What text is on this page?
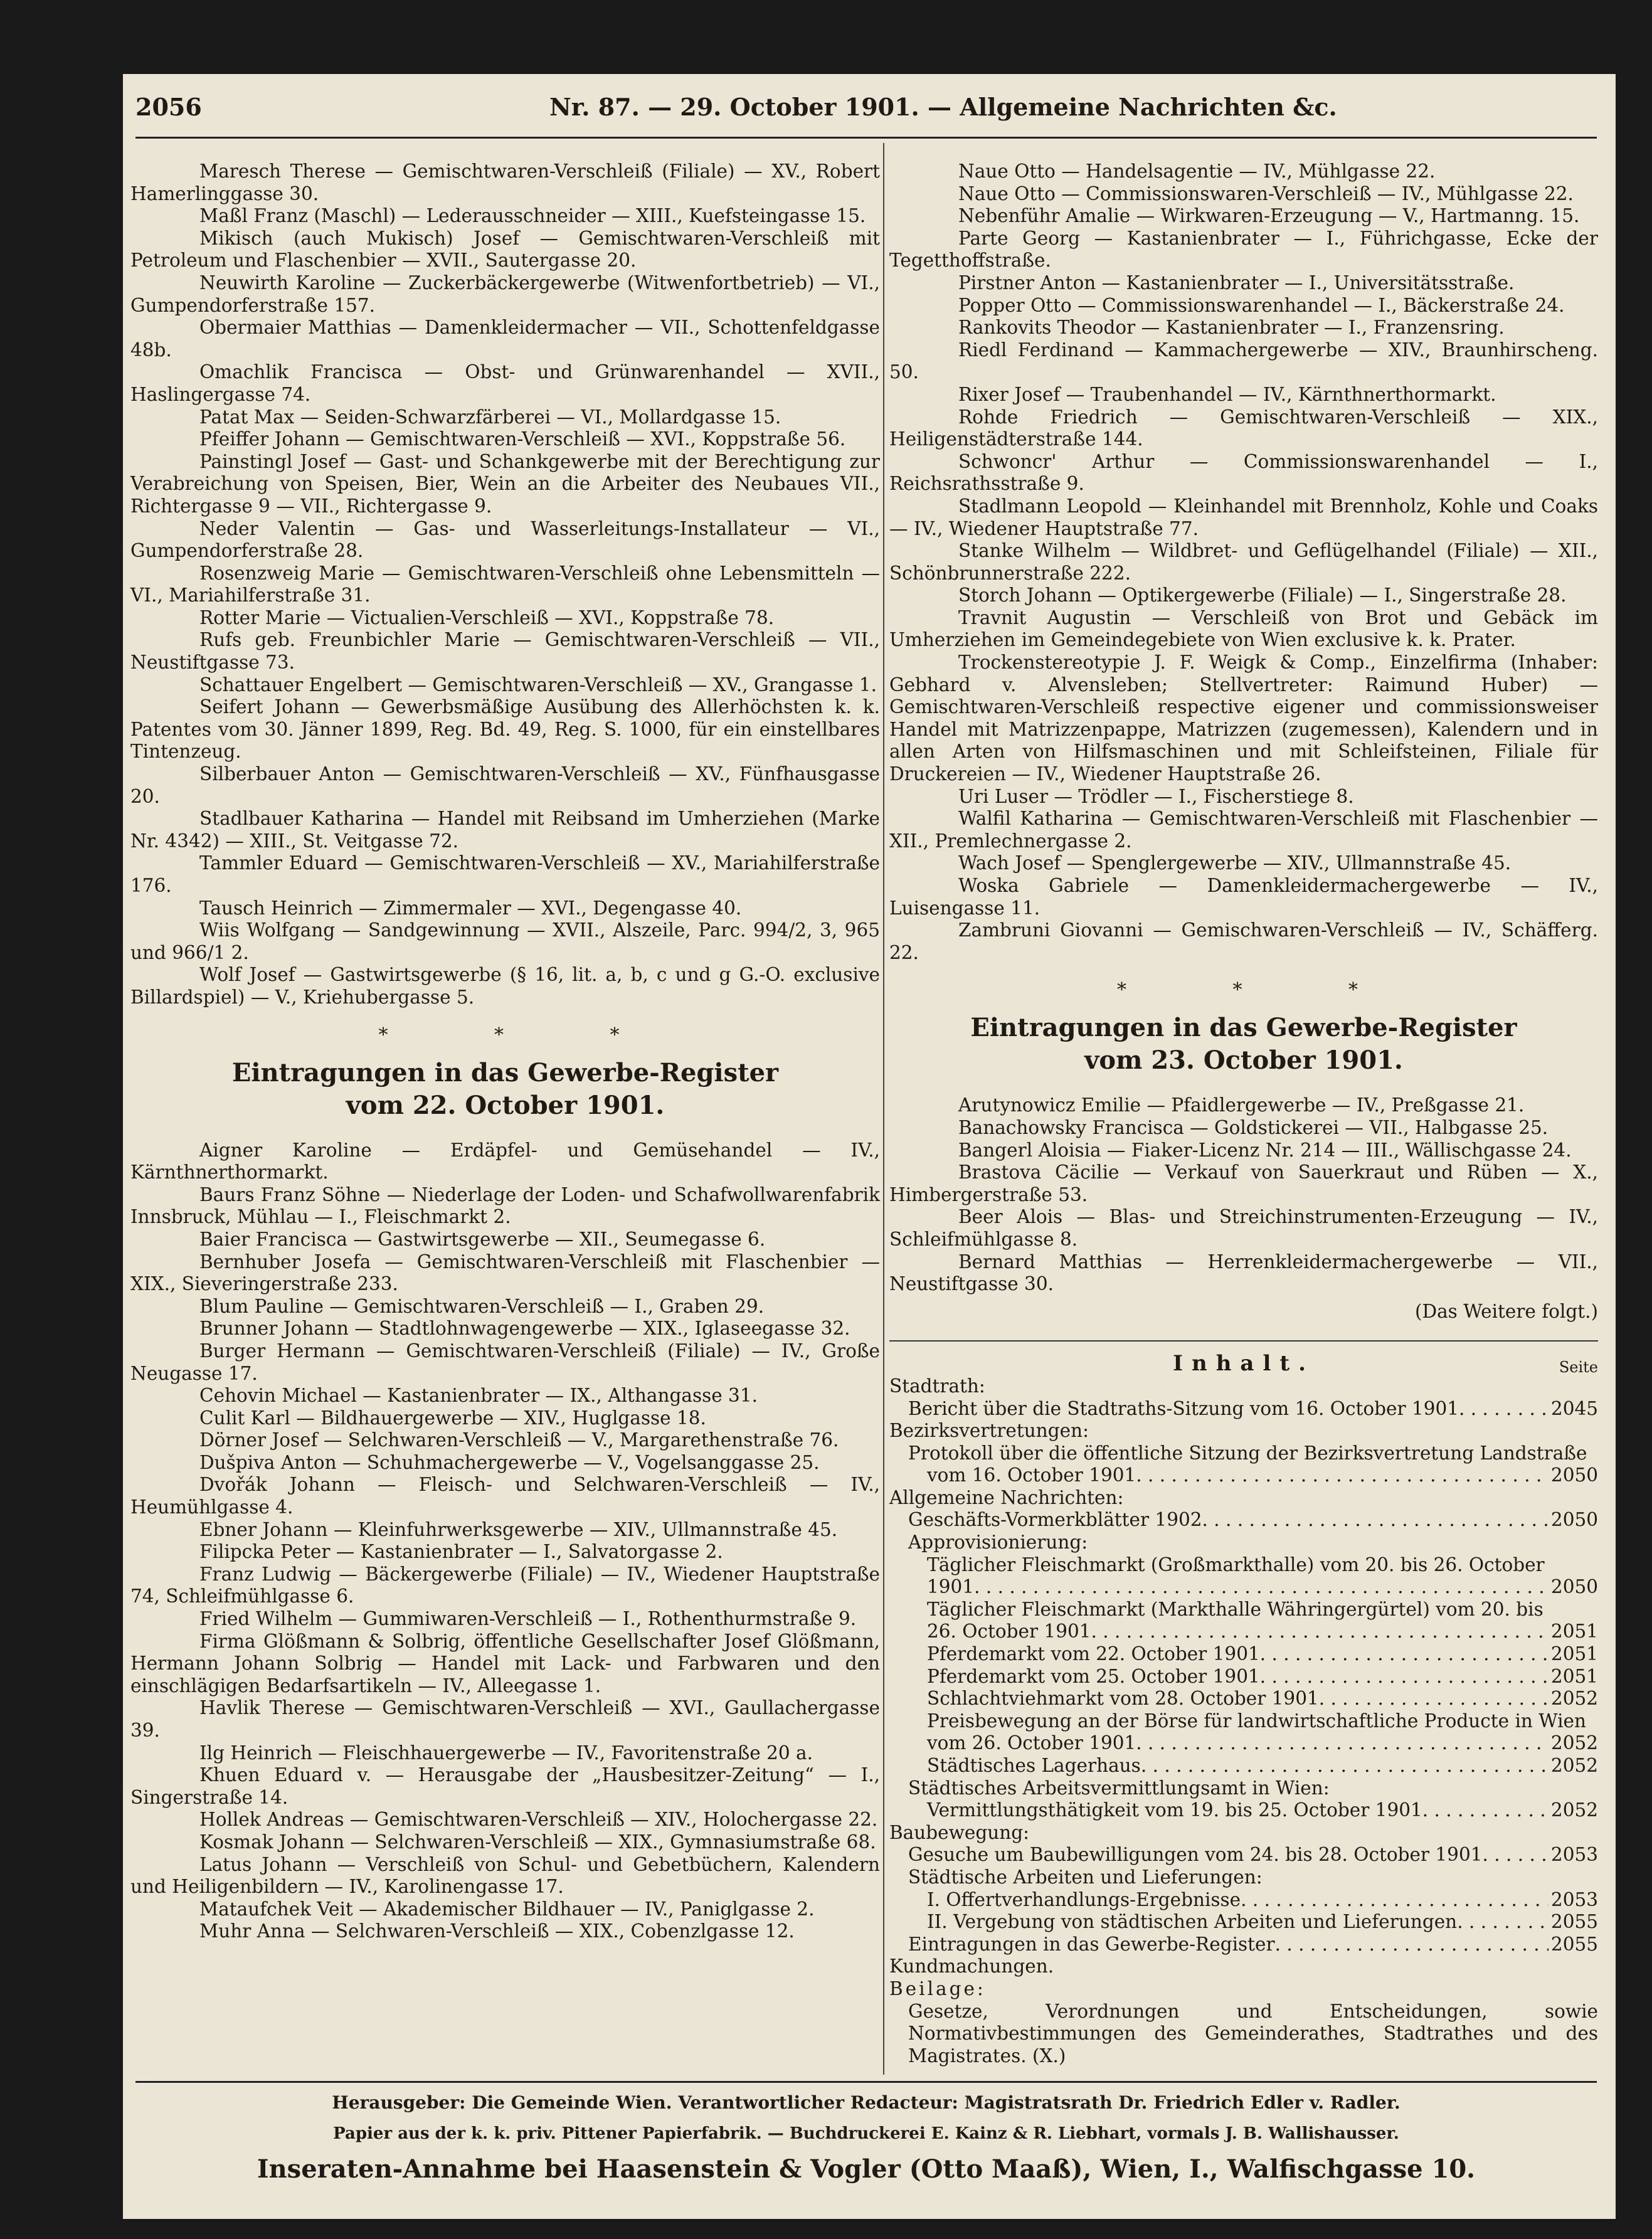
2056	Nr. 87. — 29. October 1901. — Allgemeine Nachrichten &c.

Maresch Therese — Gemischtwaren-Verschleiß (Filiale) — XV., Robert Hamerlinggasse 30.

Maßl Franz (Maschl) — Lederausschneider — XIII., Kuefsteingasse 15.

Mikisch (auch Mukisch) Josef — Gemischtwaren-Verschleiß mit Petroleum und Flaschenbier — XVII., Sautergasse 20.

Neuwirth Karoline — Zuckerbäckergewerbe (Witwenfortbetrieb) — VI., Gumpendorferstraße 157.

Obermaier Matthias — Damenkleidermacher — VII., Schottenfeldgasse 48b.

Omachlik Francisca — Obst- und Grünwarenhandel — XVII., Haslingergasse 74.

Patat Max — Seiden-Schwarzfärberei — VI., Mollardgasse 15.

Pfeiffer Johann — Gemischtwaren-Verschleiß — XVI., Koppstraße 56.

Painstingl Josef — Gast- und Schankgewerbe mit der Berechtigung zur Verabreichung von Speisen, Bier, Wein an die Arbeiter des Neubaues VII., Richtergasse 9 — VII., Richtergasse 9.

Neder Valentin — Gas- und Wasserleitungs-Installateur — VI., Gumpendorferstraße 28.

Rosenzweig Marie — Gemischtwaren-Verschleiß ohne Lebensmitteln — VI., Mariahilferstraße 31.

Rotter Marie — Victualien-Verschleiß — XVI., Koppstraße 78.

Rufs geb. Freunbichler Marie — Gemischtwaren-Verschleiß — VII., Neustiftgasse 73.

Schattauer Engelbert — Gemischtwaren-Verschleiß — XV., Grangasse 1.

Seifert Johann — Gewerbsmäßige Ausübung des Allerhöchsten k. k. Patentes vom 30. Jänner 1899, Reg. Bd. 49, Reg. S. 1000, für ein einstellbares Tintenzeug.

Silberbauer Anton — Gemischtwaren-Verschleiß — XV., Fünfhausgasse 20.

Stadlbauer Katharina — Handel mit Reibsand im Umherziehen (Marke Nr. 4342) — XIII., St. Veitgasse 72.

Tammler Eduard — Gemischtwaren-Verschleiß — XV., Mariahilferstraße 176.

Tausch Heinrich — Zimmermaler — XVI., Degengasse 40.

Wiis Wolfgang — Sandgewinnung — XVII., Alszeile, Parc. 994/2, 3, 965 und 966/1 2.

Wolf Josef — Gastwirtsgewerbe (§ 16, lit. a, b, c und g G.-O. exclusive Billardspiel) — V., Kriehubergasse 5.

* * *
Eintragungen in das Gewerbe-Register
vom 22. October 1901.

Aigner Karoline — Erdäpfel- und Gemüsehandel — IV., Kärnthnerthormarkt.

Baurs Franz Söhne — Niederlage der Loden- und Schafwollwarenfabrik Innsbruck, Mühlau — I., Fleischmarkt 2.

Baier Francisca — Gastwirtsgewerbe — XII., Seumegasse 6.

Bernhuber Josefa — Gemischtwaren-Verschleiß mit Flaschenbier — XIX., Sieveringerstraße 233.

Blum Pauline — Gemischtwaren-Verschleiß — I., Graben 29.

Brunner Johann — Stadtlohnwagengewerbe — XIX., Iglaseegasse 32.

Burger Hermann — Gemischtwaren-Verschleiß (Filiale) — IV., Große Neugasse 17.

Cehovin Michael — Kastanienbrater — IX., Althangasse 31.

Culit Karl — Bildhauergewerbe — XIV., Huglgasse 18.

Dörner Josef — Selchwaren-Verschleiß — V., Margarethenstraße 76.

Dušpiva Anton — Schuhmachergewerbe — V., Vogelsanggasse 25.

Dvořák Johann — Fleisch- und Selchwaren-Verschleiß — IV., Heumühlgasse 4.

Ebner Johann — Kleinfuhrwerksgewerbe — XIV., Ullmannstraße 45.

Filipcka Peter — Kastanienbrater — I., Salvatorgasse 2.

Franz Ludwig — Bäckergewerbe (Filiale) — IV., Wiedener Hauptstraße 74, Schleifmühlgasse 6.

Fried Wilhelm — Gummiwaren-Verschleiß — I., Rothenthurmstraße 9.

Firma Glößmann & Solbrig, öffentliche Gesellschafter Josef Glößmann, Hermann Johann Solbrig — Handel mit Lack- und Farbwaren und den einschlägigen Bedarfsartikeln — IV., Alleegasse 1.

Havlik Therese — Gemischtwaren-Verschleiß — XVI., Gaullachergasse 39.

Ilg Heinrich — Fleischhauergewerbe — IV., Favoritenstraße 20 a.

Khuen Eduard v. — Herausgabe der „Hausbesitzer-Zeitung“ — I., Singerstraße 14.

Hollek Andreas — Gemischtwaren-Verschleiß — XIV., Holochergasse 22.

Kosmak Johann — Selchwaren-Verschleiß — XIX., Gymnasiumstraße 68.

Latus Johann — Verschleiß von Schul- und Gebetbüchern, Kalendern und Heiligenbildern — IV., Karolinengasse 17.

Mataufchek Veit — Akademischer Bildhauer — IV., Paniglgasse 2.

Muhr Anna — Selchwaren-Verschleiß — XIX., Cobenzlgasse 12.

Naue Otto — Handelsagentie — IV., Mühlgasse 22.

Naue Otto — Commissionswaren-Verschleiß — IV., Mühlgasse 22.

Nebenführ Amalie — Wirkwaren-Erzeugung — V., Hartmanng. 15.

Parte Georg — Kastanienbrater — I., Führichgasse, Ecke der Tegetthoffstraße.

Pirstner Anton — Kastanienbrater — I., Universitätsstraße.

Popper Otto — Commissionswarenhandel — I., Bäckerstraße 24.

Rankovits Theodor — Kastanienbrater — I., Franzensring.

Riedl Ferdinand — Kammachergewerbe — XIV., Braunhirscheng. 50.

Rixer Josef — Traubenhandel — IV., Kärnthnerthormarkt.

Rohde Friedrich — Gemischtwaren-Verschleiß — XIX., Heiligenstädterstraße 144.

Schwoncr' Arthur — Commissionswarenhandel — I., Reichsrathsstraße 9.

Stadlmann Leopold — Kleinhandel mit Brennholz, Kohle und Coaks — IV., Wiedener Hauptstraße 77.

Stanke Wilhelm — Wildbret- und Geflügelhandel (Filiale) — XII., Schönbrunnerstraße 222.

Storch Johann — Optikergewerbe (Filiale) — I., Singerstraße 28.

Travnit Augustin — Verschleiß von Brot und Gebäck im Umherziehen im Gemeindegebiete von Wien exclusive k. k. Prater.

Trockenstereotypie J. F. Weigk & Comp., Einzelfirma (Inhaber: Gebhard v. Alvensleben; Stellvertreter: Raimund Huber) — Gemischtwaren-Verschleiß respective eigener und commissionsweiser Handel mit Matrizzenpappe, Matrizzen (zugemessen), Kalendern und in allen Arten von Hilfsmaschinen und mit Schleifsteinen, Filiale für Druckereien — IV., Wiedener Hauptstraße 26.

Uri Luser — Trödler — I., Fischerstiege 8.

Walfil Katharina — Gemischtwaren-Verschleiß mit Flaschenbier — XII., Premlechnergasse 2.

Wach Josef — Spenglergewerbe — XIV., Ullmannstraße 45.

Woska Gabriele — Damenkleidermachergewerbe — IV., Luisengasse 11.

Zambruni Giovanni — Gemischwaren-Verschleiß — IV., Schäfferg. 22.

* * *
Eintragungen in das Gewerbe-Register
vom 23. October 1901.

Arutynowicz Emilie — Pfaidlergewerbe — IV., Preßgasse 21.

Banachowsky Francisca — Goldstickerei — VII., Halbgasse 25.

Bangerl Aloisia — Fiaker-Licenz Nr. 214 — III., Wällischgasse 24.

Brastova Cäcilie — Verkauf von Sauerkraut und Rüben — X., Himbergerstraße 53.

Beer Alois — Blas- und Streichinstrumenten-Erzeugung — IV., Schleifmühlgasse 8.

Bernard Matthias — Herrenkleidermachergewerbe — VII., Neustiftgasse 30.

(Das Weitere folgt.)

Inhalt.	Seite

Stadtrath:

Bericht über die Stadtraths-Sitzung vom 16. October 1901 . . .	2045

Bezirksvertretungen:

Protokoll über die öffentliche Sitzung der Bezirksvertretung Landstraße

vom 16. October 1901 . . .	2050

Allgemeine Nachrichten:

Geschäfts-Vormerkblätter 1902 . . .	2050

Approvisionierung:

Täglicher Fleischmarkt (Großmarkthalle) vom 20. bis 26. October

1901 . . .	2050

Täglicher Fleischmarkt (Markthalle Währingergürtel) vom 20. bis

26. October 1901 . . .	2051

Pferdemarkt vom 22. October 1901 . . .	2051

Pferdemarkt vom 25. October 1901 . . .	2051

Schlachtviehmarkt vom 28. October 1901 . . .	2052

Preisbewegung an der Börse für landwirtschaftliche Producte in Wien

vom 26. October 1901 . . .	2052

Städtisches Lagerhaus . . .	2052

Städtisches Arbeitsvermittlungsamt in Wien:

Vermittlungsthätigkeit vom 19. bis 25. October 1901 . . .	2052

Baubewegung:

Gesuche um Baubewilligungen vom 24. bis 28. October 1901 . . .	2053

Städtische Arbeiten und Lieferungen:

I. Offertverhandlungs-Ergebnisse . . .	2053

II. Vergebung von städtischen Arbeiten und Lieferungen . . .	2055

Eintragungen in das Gewerbe-Register . . .	2055

Kundmachungen.

Beilage:

Gesetze, Verordnungen und Entscheidungen, sowie Normativbestimmungen des Gemeinderathes, Stadtrathes und des Magistrates. (X.)

Herausgeber: Die Gemeinde Wien. Verantwortlicher Redacteur: Magistratsrath Dr. Friedrich Edler v. Radler.

Papier aus der k. k. priv. Pittener Papierfabrik. — Buchdruckerei E. Kainz & R. Liebhart, vormals J. B. Wallishausser.

Inseraten-Annahme bei Haasenstein & Vogler (Otto Maaß), Wien, I., Walfischgasse 10.
